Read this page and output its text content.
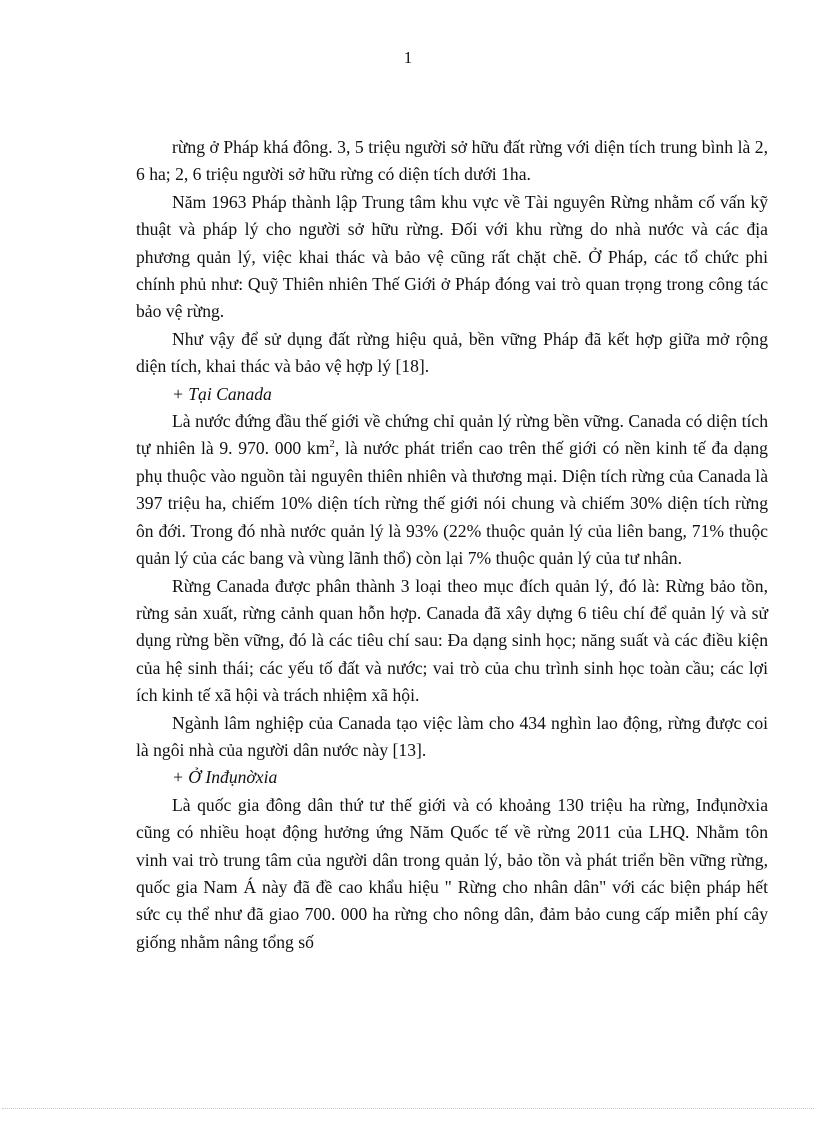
1

rừng ở Pháp khá đông. 3, 5 triệu người sở hữu đất rừng với diện tích trung bình là 2, 6 ha; 2, 6 triệu người sở hữu rừng có diện tích dưới 1ha.

Năm 1963 Pháp thành lập Trung tâm khu vực về Tài nguyên Rừng nhằm cố vấn kỹ thuật và pháp lý cho người sở hữu rừng. Đối với khu rừng do nhà nước và các địa phương quản lý, việc khai thác và bảo vệ cũng rất chặt chẽ. Ở Pháp, các tổ chức phi chính phủ như: Quỹ Thiên nhiên Thế Giới ở Pháp đóng vai trò quan trọng trong công tác bảo vệ rừng.

Như vậy để sử dụng đất rừng hiệu quả, bền vững Pháp đã kết hợp giữa mở rộng diện tích, khai thác và bảo vệ hợp lý [18].

+ Tại Canada

Là nước đứng đầu thế giới về chứng chỉ quản lý rừng bền vững. Canada có diện tích tự nhiên là 9. 970. 000 $km^2$, là nước phát triển cao trên thế giới có nền kinh tế đa dạng phụ thuộc vào nguồn tài nguyên thiên nhiên và thương mại. Diện tích rừng của Canada là 397 triệu ha, chiếm 10% diện tích rừng thế giới nói chung và chiếm 30% diện tích rừng ôn đới. Trong đó nhà nước quản lý là 93% (22% thuộc quản lý của liên bang, 71% thuộc quản lý của các bang và vùng lãnh thổ) còn lại 7% thuộc quản lý của tư nhân.

Rừng Canada được phân thành 3 loại theo mục đích quản lý, đó là: Rừng bảo tồn, rừng sản xuất, rừng cảnh quan hỗn hợp. Canada đã xây dựng 6 tiêu chí để quản lý và sử dụng rừng bền vững, đó là các tiêu chí sau: Đa dạng sinh học; năng suất và các điều kiện của hệ sinh thái; các yếu tố đất và nước; vai trò của chu trình sinh học toàn cầu; các lợi ích kinh tế xã hội và trách nhiệm xã hội.

Ngành lâm nghiệp của Canada tạo việc làm cho 434 nghìn lao động, rừng được coi là ngôi nhà của người dân nước này [13].

+ Ở Inđụnờxia

Là quốc gia đông dân thứ tư thế giới và có khoảng 130 triệu ha rừng, Inđụnờxia cũng có nhiều hoạt động hưởng ứng Năm Quốc tế về rừng 2011 của LHQ. Nhằm tôn vinh vai trò trung tâm của người dân trong quản lý, bảo tồn và phát triển bền vững rừng, quốc gia Nam Á này đã đề cao khẩu hiệu " Rừng cho nhân dân" với các biện pháp hết sức cụ thể như đã giao 700. 000 ha rừng cho nông dân, đảm bảo cung cấp miễn phí cây giống nhằm nâng tổng số
